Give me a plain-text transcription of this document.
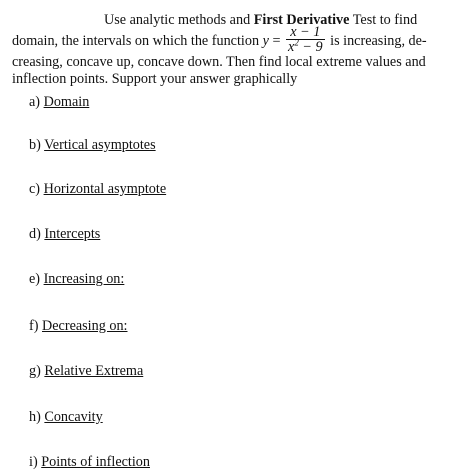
Use analytic methods and First Derivative Test to find
domain, the intervals on which the function $y = \frac{x - 1}{x^2 - 9}$ is increasing, de-
creasing, concave up, concave down. Then find local extreme values and
inflection points. Support your answer graphically
a) Domain
b) Vertical asymptotes
c) Horizontal asymptote
d) Intercepts
e) Increasing on:
f) Decreasing on:
g) Relative Extrema
h) Concavity
i) Points of inflection
